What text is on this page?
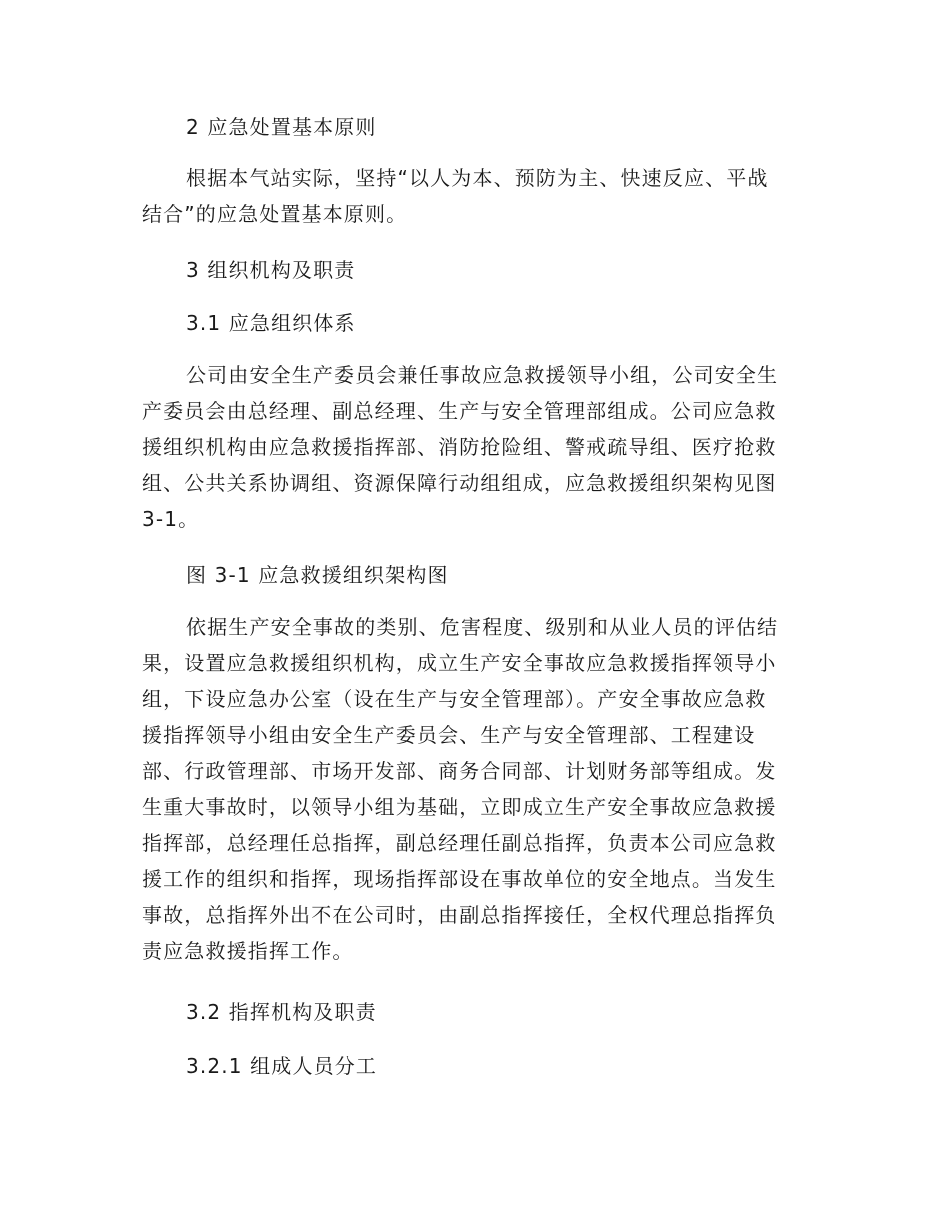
2 应急处置基本原则
根据本气站实际，坚持“以人为本、预防为主、快速反应、平战
结合”的应急处置基本原则。
3 组织机构及职责
3.1 应急组织体系
公司由安全生产委员会兼任事故应急救援领导小组，公司安全生
产委员会由总经理、副总经理、生产与安全管理部组成。公司应急救
援组织机构由应急救援指挥部、消防抢险组、警戒疏导组、医疗抢救
组、公共关系协调组、资源保障行动组组成，应急救援组织架构见图
3-1。
图 3-1 应急救援组织架构图
依据生产安全事故的类别、危害程度、级别和从业人员的评估结
果，设置应急救援组织机构，成立生产安全事故应急救援指挥领导小
组，下设应急办公室（设在生产与安全管理部）。产安全事故应急救
援指挥领导小组由安全生产委员会、生产与安全管理部、工程建设
部、行政管理部、市场开发部、商务合同部、计划财务部等组成。发
生重大事故时，以领导小组为基础，立即成立生产安全事故应急救援
指挥部，总经理任总指挥，副总经理任副总指挥，负责本公司应急救
援工作的组织和指挥，现场指挥部设在事故单位的安全地点。当发生
事故，总指挥外出不在公司时，由副总指挥接任，全权代理总指挥负
责应急救援指挥工作。
3.2 指挥机构及职责
3.2.1 组成人员分工
